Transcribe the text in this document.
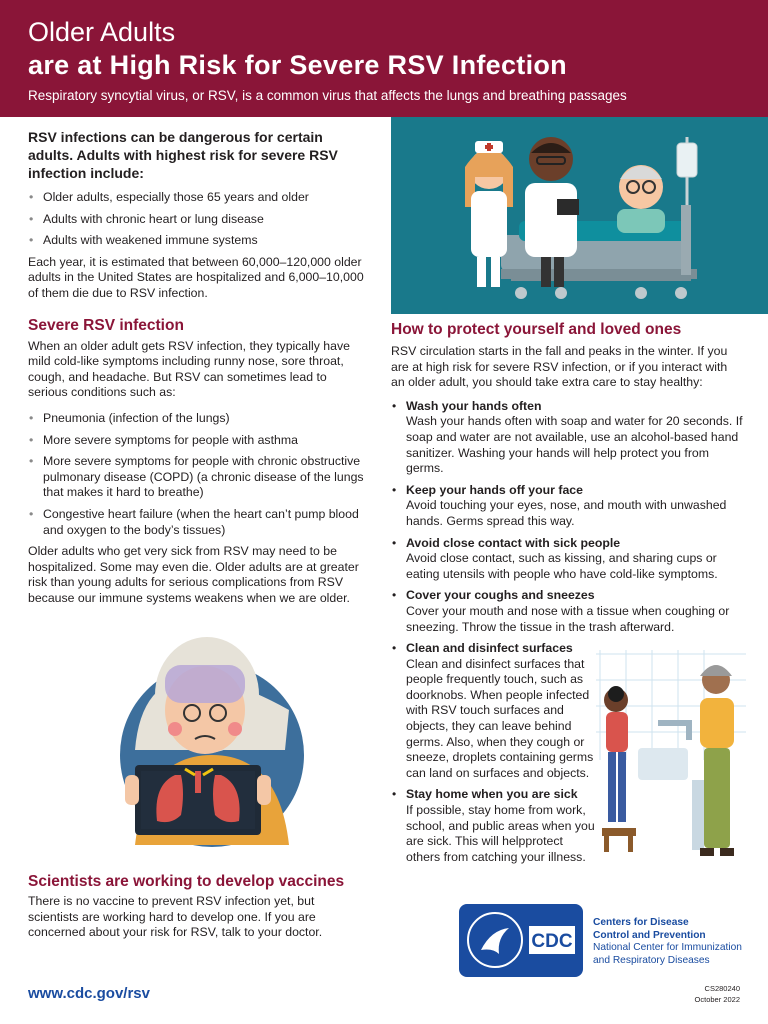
Older Adults
are at High Risk for Severe RSV Infection
Respiratory syncytial virus, or RSV, is a common virus that affects the lungs and breathing passages
RSV infections can be dangerous for certain adults. Adults with highest risk for severe RSV infection include:
• Older adults, especially those 65 years and older
• Adults with chronic heart or lung disease
• Adults with weakened immune systems

Each year, it is estimated that between 60,000–120,000 older adults in the United States are hospitalized and 6,000–10,000 of them die due to RSV infection.

Severe RSV infection

When an older adult gets RSV infection, they typically have mild cold-like symptoms including runny nose, sore throat, cough, and headache. But RSV can sometimes lead to serious conditions such as:

• Pneumonia (infection of the lungs)
• More severe symptoms for people with asthma
• More severe symptoms for people with chronic obstructive pulmonary disease (COPD) (a chronic disease of the lungs that makes it hard to breathe)
• Congestive heart failure (when the heart can’t pump blood and oxygen to the body’s tissues)

Older adults who get very sick from RSV may need to be hospitalized. Some may even die. Older adults are at greater risk than young adults for serious complications from RSV because our immune systems weakens when we are older.

Scientists are working to develop vaccines

There is no vaccine to prevent RSV infection yet, but scientists are working hard to develop one. If you are concerned about your risk for RSV, talk to your doctor.

How to protect yourself and loved ones

RSV circulation starts in the fall and peaks in the winter. If you are at high risk for severe RSV infection, or if you interact with an older adult, you should take extra care to stay healthy:

• Wash your hands often
Wash your hands often with soap and water for 20 seconds. If soap and water are not available, use an alcohol-based hand sanitizer. Washing your hands will help protect you from germs.
• Keep your hands off your face
Avoid touching your eyes, nose, and mouth with unwashed hands. Germs spread this way.
• Avoid close contact with sick people
Avoid close contact, such as kissing, and sharing cups or eating utensils with people who have cold-like symptoms.
• Cover your coughs and sneezes
Cover your mouth and nose with a tissue when coughing or sneezing. Throw the tissue in the trash afterward.
• Clean and disinfect surfaces
Clean and disinfect surfaces that people frequently touch, such as doorknobs. When people infected with RSV touch surfaces and objects, they can leave behind germs. Also, when they cough or sneeze, droplets containing germs can land on surfaces and objects.
• Stay home when you are sick
If possible, stay home from work, school, and public areas when you are sick. This will helpprotect others from catching your illness.
CDC
Centers for Disease
Control and Prevention
National Center for Immunization
and Respiratory Diseases
www.cdc.gov/rsv	CS280240
October 2022
